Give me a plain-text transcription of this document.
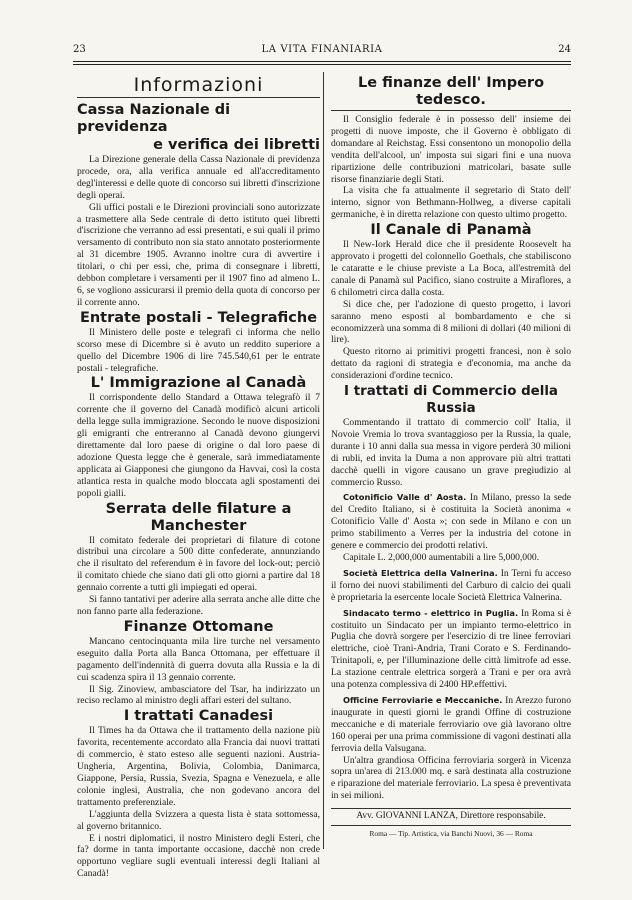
23	LA VITA FINANIARIA	24
Informazioni
Cassa Nazionale di previdenza
e verifica dei libretti

La Direzione generale della Cassa Nazionale di previdenza procede, ora, alla verifica annuale ed all'accreditamento degl'interessi e delle quote di concorso sui libretti d'inscrizione degli operai.

Gli uffici postali e le Direzioni provinciali sono autorizzate a trasmettere alla Sede centrale di detto istituto quei libretti d'iscrizione che verranno ad essi presentati, e sui quali il primo versamento di contributo non sia stato annotato posteriormente al 31 dicembre 1905. Avranno inoltre cura di avvertire i titolari, o chi per essi, che, prima di consegnare i libretti, debbon completare i versamenti per il 1907 fino ad almeno L. 6, se vogliono assicurarsi il premio della quota di concorso per il corrente anno.

Entrate postali - Telegrafiche

Il Ministero delle poste e telegrafi ci informa che nello scorso mese di Dicembre si è avuto un reddito superiore a quello del Dicembre 1906 di lire 745.540,61 per le entrate postali - telegrafiche.

L' Immigrazione al Canadà

Il corrispondente dello Standard a Ottawa telegrafò il 7 corrente che il governo del Canadà modificò alcuni articoli della legge sulla immigrazione. Secondo le nuove disposizioni gli emigranti che entreranno al Canadà devono giungervi direttamente dal loro paese di origine o dal loro paese di adozione Questa legge che è generale, sarà immediatamente applicata ai Giapponesi che giungono da Havvai, così la costa atlantica resta in qualche modo bloccata agli spostamenti dei popoli gialli.

Serrata delle filature a Manchester

Il comitato federale dei proprietari di filature di cotone distribuì una circolare a 500 ditte confederate, annunziando che il risultato del referendum è in favore del lock-out; perciò il comitato chiede che siano dati gli otto giorni a partire dal 18 gennaio corrente a tutti gli impiegati ed operai.

Si fanno tantativi per aderire alla serrata anche alle ditte che non fanno parte alla federazione.

Finanze Ottomane

Mancano centocinquanta mila lire turche nel versamento eseguito dalla Porta alla Banca Ottomana, per effettuare il pagamento dell'indennità di guerra dovuta alla Russia e la di cui scadenza spira il 13 gennaio corrente.

Il Sig. Zinoview, ambasciatore del Tsar, ha indirizzato un reciso reclamo al ministro degli affari esteri del sultano.

I trattati Canadesi

Il Times ha da Ottawa che il trattamento della nazione più favorita, recentemente accordato alla Francia dai nuovi trattati di commercio, è stato esteso alle seguenti nazioni. Austria-Ungheria, Argentina, Bolivia, Colombia, Danimarca, Giappone, Persia, Russia, Svezia, Spagna e Venezuela, e alle colonie inglesi, Australia, che non godevano ancora del trattamento preferenziale.

L'aggiunta della Svizzera a questa lista è stata sottomessa, al governo britannico.

E i nostri diplomatici, il nostro Ministero degli Esteri, che fa? dorme in tanta importante occasione, dacchè non crede opportuno vegliare sugli eventuali interessi degli Italiani al Canadà!

Le finanze dell' Impero tedesco.

Il Consiglio federale è in possesso dell' insieme dei progetti di nuove imposte, che il Governo è obbligato di domandare al Reichstag. Essi consentono un monopolio della vendita dell'alcool, un' imposta sui sigari fini e una nuova ripartizione delle contribuzioni matricolari, basate sulle risorse finanziarie degli Stati.

La visita che fa attualmente il segretario di Stato dell' interno, signor von Bethmann-Hollweg, a diverse capitali germaniche, è in diretta relazione con questo ultimo progetto.

Il Canale di Panamà

Il New-Iork Herald dice che il presidente Roosevelt ha approvato i progetti del colonnello Goethals, che stabiliscono le cataratte e le chiuse previste a La Boca, all'estremità del canale di Panamà sul Pacifico, siano costruite a Miraflores, a 6 chilometri circa dalla costa.

Si dice che, per l'adozione di questo progetto, i lavori saranno meno esposti al bombardamento e che si economizzerà una somma di 8 milioni di dollari (40 milioni di lire).

Questo ritorno ai primitivi progetti francesi, non è solo dettato da ragioni di strategia e d'economia, ma anche da considerazioni d'ordine tecnico.

I trattati di Commercio della Russia

Commentando il trattato di commercio coll' Italia, il Novoie Vremia lo trova svantaggioso per la Russia, la quale, durante i 10 anni dalla sua messa in vigore perderà 30 milioni di rubli, ed invita la Duma a non approvare più altri trattati dacchè quelli in vigore causano un grave pregiudizio al commercio Russo.

Cotonificio Valle d' Aosta. In Milano, presso la sede del Credito Italiano, si è costituita la Società anonima « Cotonificio Valle d' Aosta »; con sede in Milano e con un primo stabilimento a Verres per la industria del cotone in genere e commercio dei prodotti relativi.

Capitale L. 2,000,000 aumentabili a lire 5,000,000.

Società Elettrica della Valnerina. In Terni fu acceso il forno dei nuovi stabilimenti del Carburo di calcio dei quali è proprietaria la esercente locale Società Elettrica Valnerina.

Sindacato termo - elettrico in Puglia. In Roma si è costituito un Sindacato per un impianto termo-elettrico in Puglia che dovrà sorgere per l'esercizio di tre linee ferroviari elettriche, cioè Trani-Andria, Trani Corato e S. Ferdinando-Trinitapoli, e, per l'illuminazione delle città limitrofe ad esse. La stazione centrale elettrica sorgerà a Trani e per ora avrà una potenza complessiva di 2400 HP.effettivi.

Officine Ferroviarie e Meccaniche. In Arezzo furono inaugurate in questi giorni le grandi Offine di costruzione meccaniche e di materiale ferroviario ove già lavorano oltre 160 operai per una prima commissione di vagoni destinati alla ferrovia della Valsugana.

Un'altra grandiosa Officina ferroviaria sorgerà in Vicenza sopra un'area di 213.000 mq. e sarà destinata alla costruzione e riparazione del materiale ferroviario. La spesa è preventivata in sei milioni.

Avv. GIOVANNI LANZA, Direttore responsabile.
Roma — Tip. Artistica, via Banchi Nuovi, 36 — Roma
